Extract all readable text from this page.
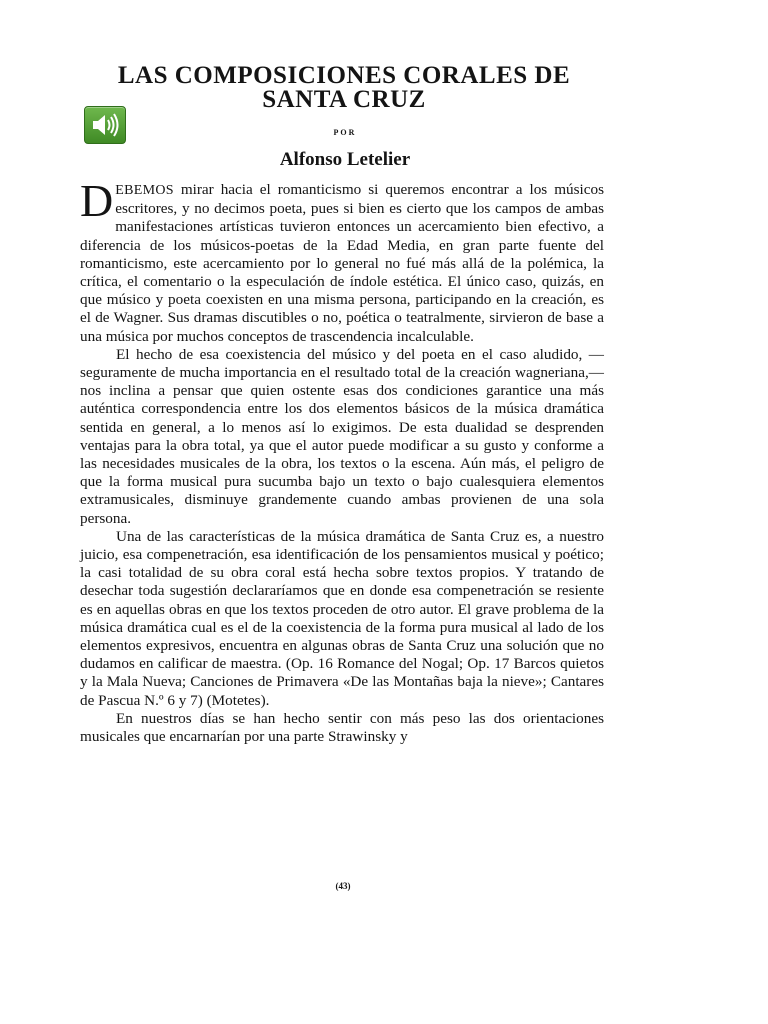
LAS COMPOSICIONES CORALES DE
SANTA CRUZ
POR
Alfonso Letelier

DEBEMOS mirar hacia el romanticismo si queremos encontrar a los músicos escritores, y no decimos poeta, pues si bien es cierto que los campos de ambas manifestaciones artísticas tuvieron entonces un acercamiento bien efectivo, a diferencia de los músicos-poetas de la Edad Media, en gran parte fuente del romanticismo, este acercamiento por lo general no fué más allá de la polémica, la crítica, el comentario o la especulación de índole estética. El único caso, quizás, en que músico y poeta coexisten en una misma persona, participando en la creación, es el de Wagner. Sus dramas discutibles o no, poética o teatralmente, sirvieron de base a una música por muchos conceptos de trascendencia incalculable.

El hecho de esa coexistencia del músico y del poeta en el caso aludido, —seguramente de mucha importancia en el resultado total de la creación wagneriana,— nos inclina a pensar que quien ostente esas dos condiciones garantice una más auténtica correspondencia entre los dos elementos básicos de la música dramática sentida en general, a lo menos así lo exigimos. De esta dualidad se desprenden ventajas para la obra total, ya que el autor puede modificar a su gusto y conforme a las necesidades musicales de la obra, los textos o la escena. Aún más, el peligro de que la forma musical pura sucumba bajo un texto o bajo cualesquiera elementos extramusicales, disminuye grandemente cuando ambas provienen de una sola persona.

Una de las características de la música dramática de Santa Cruz es, a nuestro juicio, esa compenetración, esa identificación de los pensamientos musical y poético; la casi totalidad de su obra coral está hecha sobre textos propios. Y tratando de desechar toda sugestión declararíamos que en donde esa compenetración se resiente es en aquellas obras en que los textos proceden de otro autor. El grave problema de la música dramática cual es el de la coexistencia de la forma pura musical al lado de los elementos expresivos, encuentra en algunas obras de Santa Cruz una solución que no dudamos en calificar de maestra. (Op. 16 Romance del Nogal; Op. 17 Barcos quietos y la Mala Nueva; Canciones de Primavera «De las Montañas baja la nieve»; Cantares de Pascua N.º 6 y 7) (Motetes).

En nuestros días se han hecho sentir con más peso las dos orientaciones musicales que encarnarían por una parte Strawinsky y

(43)
